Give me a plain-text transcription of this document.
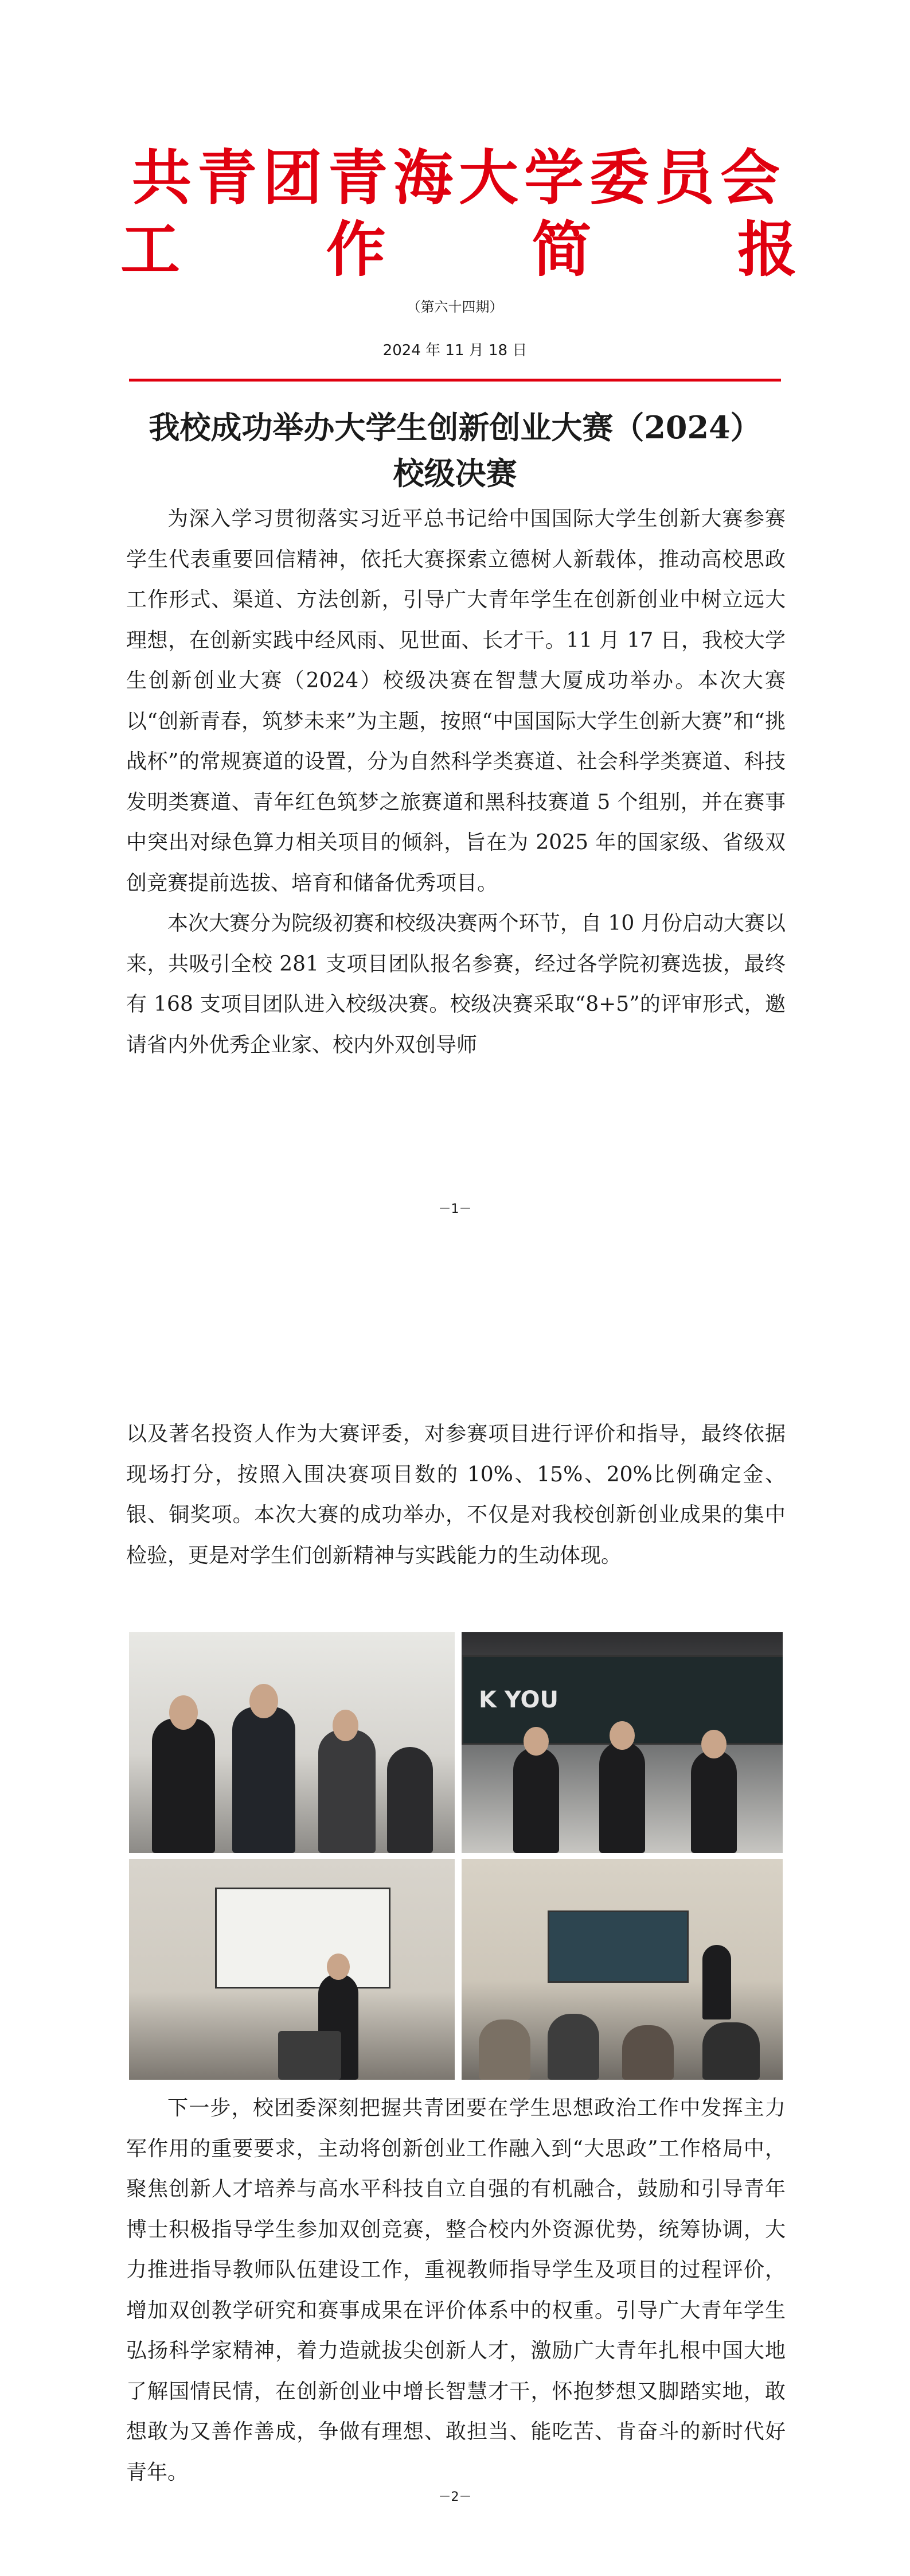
共青团青海大学委员会
工 作 简 报
（第六十四期）
2024 年 11 月 18 日
我校成功举办大学生创新创业大赛（2024）
校级决赛

为深入学习贯彻落实习近平总书记给中国国际大学生创新大赛参赛学生代表重要回信精神，依托大赛探索立德树人新载体，推动高校思政工作形式、渠道、方法创新，引导广大青年学生在创新创业中树立远大理想，在创新实践中经风雨、见世面、长才干。11 月 17 日，我校大学生创新创业大赛（2024）校级决赛在智慧大厦成功举办。本次大赛以“创新青春，筑梦未来”为主题，按照“中国国际大学生创新大赛”和“挑战杯”的常规赛道的设置，分为自然科学类赛道、社会科学类赛道、科技发明类赛道、青年红色筑梦之旅赛道和黑科技赛道 5 个组别，并在赛事中突出对绿色算力相关项目的倾斜，旨在为 2025 年的国家级、省级双创竞赛提前选拔、培育和储备优秀项目。

本次大赛分为院级初赛和校级决赛两个环节，自 10 月份启动大赛以来，共吸引全校 281 支项目团队报名参赛，经过各学院初赛选拔，最终有 168 支项目团队进入校级决赛。校级决赛采取“8+5”的评审形式，邀请省内外优秀企业家、校内外双创导师

－1－

以及著名投资人作为大赛评委，对参赛项目进行评价和指导，最终依据现场打分，按照入围决赛项目数的 10%、15%、20%比例确定金、银、铜奖项。本次大赛的成功举办，不仅是对我校创新创业成果的集中检验，更是对学生们创新精神与实践能力的生动体现。

K YOU

下一步，校团委深刻把握共青团要在学生思想政治工作中发挥主力军作用的重要要求，主动将创新创业工作融入到“大思政”工作格局中，聚焦创新人才培养与高水平科技自立自强的有机融合，鼓励和引导青年博士积极指导学生参加双创竞赛，整合校内外资源优势，统筹协调，大力推进指导教师队伍建设工作，重视教师指导学生及项目的过程评价，增加双创教学研究和赛事成果在评价体系中的权重。引导广大青年学生弘扬科学家精神，着力造就拔尖创新人才，激励广大青年扎根中国大地了解国情民情，在创新创业中增长智慧才干，怀抱梦想又脚踏实地，敢想敢为又善作善成，争做有理想、敢担当、能吃苦、肯奋斗的新时代好青年。

－2－
